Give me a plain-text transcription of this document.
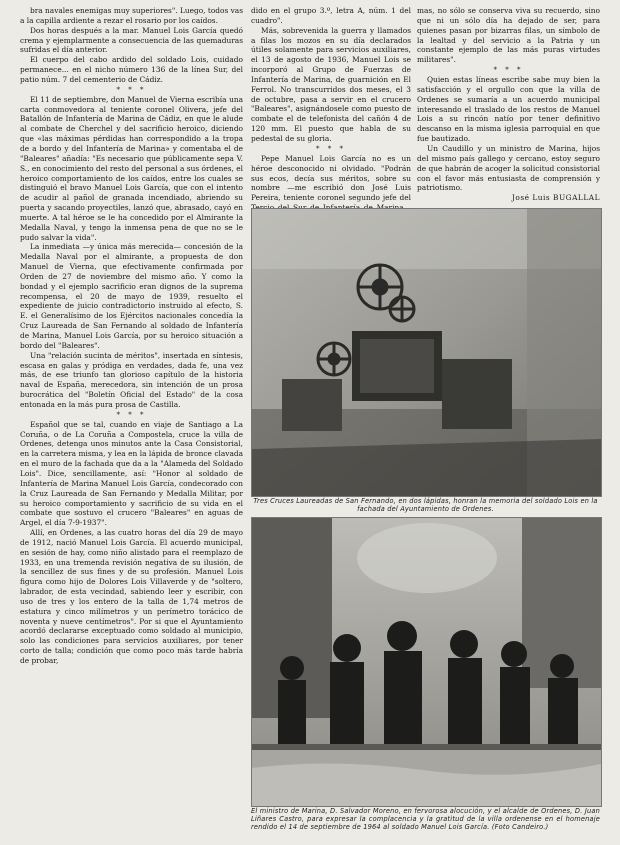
bra navales enemigas muy superiores". Luego, todos vas a la capilla ardiente a rezar el rosario por los caídos.

Dos horas después a la mar. Manuel Lois García quedó crema y ejemplarmente a consecuencia de las quemaduras sufridas el día anterior.

El cuerpo del cabo ardido del soldado Lois, cuidado permanece... en el nicho número 136 de la línea Sur, del patio núm. 7 del cementerio de Cádiz.

* * *

El 11 de septiembre, don Manuel de Vierna escribía una carta conmovedora al teniente coronel Olivera, jefe del Batallón de Infantería de Marina de Cádiz, en que le alude al combate de Cherchel y del sacrificio heroico, diciendo que «las máximas pérdidas han correspondido a la tropa de a bordo y del Infantería de Marina» y comentaba el de "Baleares" añadía: "Es necesario que públicamente sepa V. S., en conocimiento del resto del personal a sus órdenes, el heroico comportamiento de los caídos, entre los cuales se distinguió el bravo Manuel Lois García, que con el intento de acudir al pañol de granada incendiado, abriendo su puerta y sacando proyectiles, lanzó que, abrasado, cayó en muerte. A tal héroe se le ha concedido por el Almirante la Medalla Naval, y tengo la inmensa pena de que no se le pudo salvar la vida".

La inmediata —y única más merecida— concesión de la Medalla Naval por el almirante, a propuesta de don Manuel de Vierna, que efectivamente confirmada por Orden de 27 de noviembre del mismo año. Y como la bondad y el ejemplo sacrificio eran dignos de la suprema recompensa, el 20 de mayo de 1939, resuelto el expediente de juicio contradictorio instruido al efecto, S. E. el Generalísimo de los Ejércitos nacionales concedía la Cruz Laureada de San Fernando al soldado de Infantería de Marina, Manuel Lois García, por su heroico situación a bordo del "Baleares".

Una "relación sucinta de méritos", insertada en síntesis, escasa en galas y pródiga en verdades, dada fe, una vez más, de ese triunfo tan glorioso capítulo de la historia naval de España, merecedora, sin intención de un prosa burocrática del "Boletín Oficial del Estado" de la cosa entonada en la más pura prosa de Castilla.

* * *

Español que se tal, cuando en viaje de Santiago a La Coruña, o de La Coruña a Compostela, cruce la villa de Ordenes, detenga unos minutos ante la Casa Consistorial, en la carretera misma, y lea en la lápida de bronce clavada en el muro de la fachada que da a la "Alameda del Soldado Lois". Dice, sencillamente, así: "Honor al soldado de Infantería de Marina Manuel Lois García, condecorado con la Cruz Laureada de San Fernando y Medalla Militar, por su heroico comportamiento y sacrificio de su vida en el combate que sostuvo el crucero "Baleares" en aguas de Argel, el día 7-9-1937".

Allí, en Ordenes, a las cuatro horas del día 29 de mayo de 1912, nació Manuel Lois García. El acuerdo municipal, en sesión de hay, como niño alistado para el reemplazo de 1933, en una tremenda revisión negativa de su ilusión, de la sencillez de sus fines y de su profesión. Manuel Lois figura como hijo de Dolores Lois Villaverde y de "soltero, labrador, de esta vecindad, sabiendo leer y escribir, con uso de tres y los entero de la talla de 1,74 metros de estatura y cinco milímetros y un perímetro torácico de noventa y nueve centímetros". Por si que el Ayuntamiento acordó declararse exceptuado como soldado al municipio, solo las condiciones para servicios auxiliares, por tener corto de talla; condición que como poco más tarde habría de probar,

dido en el grupo 3.º, letra A, núm. 1 del cuadro".

Más, sobrevenida la guerra y llamados a filas los mozos en su día declarados útiles solamente para servicios auxiliares, el 13 de agosto de 1936, Manuel Lois se incorporó al Grupo de Fuerzas de Infantería de Marina, de guarnición en El Ferrol. No transcurridos dos meses, el 3 de octubre, pasa a servir en el crucero "Baleares", asignándosele como puesto de combate el de telefonista del cañón 4 de 120 mm. El puesto que habla de su pedestal de su gloria.

* * *

Pepe Manuel Lois García no es un héroe desconocido ni olvidado. "Podrán sus ecos, decía sus méritos, sobre su nombre —me escribió don José Luis Pereira, teniente coronel segundo jefe del

mas, no sólo se conserva viva su recuerdo, sino que ni un sólo día ha dejado de ser, para quienes pasan por bizarras filas, un símbolo de la lealtad y del servicio a la Patria y un constante ejemplo de las más puras virtudes militares".

* * *

Quien estas líneas escribe sabe muy bien la satisfacción y el orgullo con que la villa de Ordenes se sumaría a un acuerdo municipal interesando el traslado de los restos de Manuel Lois a su rincón natío por tener definitivo descanso en la misma iglesia parroquial en que fue bautizado.

Un Caudillo y un ministro de Marina, hijos del mismo país gallego y cercano, estoy seguro de que habrán de acoger la solicitud consistorial con el favor más entusiasta de comprensión y patriotismo.

José Luis BUGALLAL
Tres Cruces Laureadas de San Fernando, en dos lápidas, honran la memoria del soldado Lois en la fachada del Ayuntamiento de Ordenes.
El ministro de Marina, D. Salvador Moreno, en fervorosa alocución, y el alcalde de Ordenes, D. Juan Liñares Castro, para expresar la complacencia y la gratitud de la villa ordenense en el homenaje rendido el 14 de septiembre de 1964 al soldado Manuel Lois García. (Foto Candeiro.)
